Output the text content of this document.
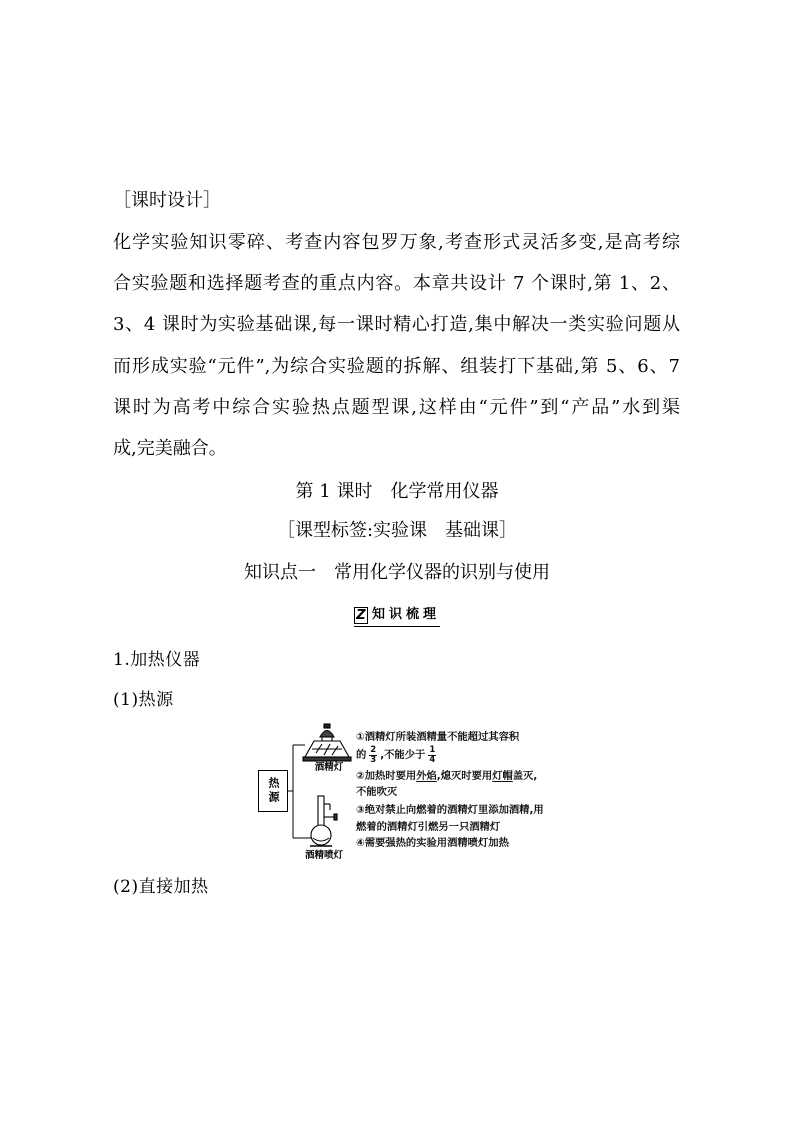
［课时设计］
化学实验知识零碎、考查内容包罗万象,考查形式灵活多变,是高考综
合实验题和选择题考查的重点内容。本章共设计 7 个课时,第 1、2、
3、4 课时为实验基础课,每一课时精心打造,集中解决一类实验问题从
而形成实验“元件”,为综合实验题的拆解、组装打下基础,第 5、6、7
课时为高考中综合实验热点题型课,这样由“元件”到“产品”水到渠
成,完美融合。
第 1 课时　化学常用仪器
［课型标签:实验课　基础课］
知识点一　常用化学仪器的识别与使用
Z 知识梳理
1.加热仪器
(1)热源
热源
酒精灯
酒精喷灯
①酒精灯所装酒精量不能超过其容积
的 $\frac{2}{3}$ ,不能少于 $\frac{1}{4}$
②加热时要用外焰,熄灭时要用灯帽盖灭,
不能吹灭
③绝对禁止向燃着的酒精灯里添加酒精,用
燃着的酒精灯引燃另一只酒精灯
④需要强热的实验用酒精喷灯加热
(2)直接加热
